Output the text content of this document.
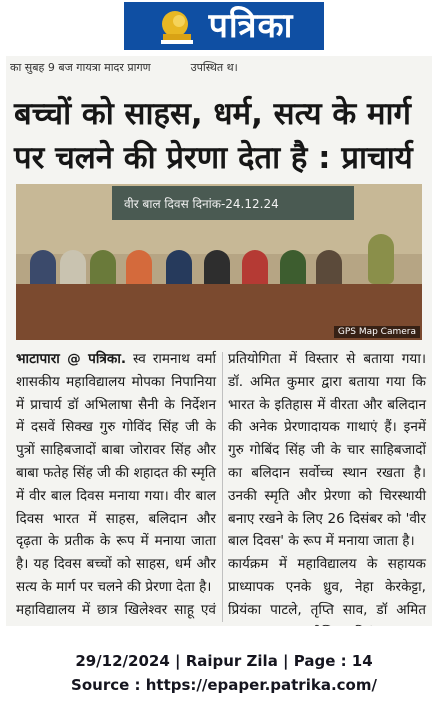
पत्रिका
का सुबह 9 बज गायत्रा मादर प्रागण	उपस्थित थ।
बच्चों को साहस, धर्म, सत्य के मार्ग पर चलने की प्रेरणा देता है : प्राचार्य
वीर बाल दिवस दिनांक-24.12.24
GPS Map Camera

भाटापारा @ पत्रिका. स्व रामनाथ वर्मा शासकीय महाविद्यालय मोपका निपानिया में प्राचार्य डॉ अभिलाषा सैनी के निर्देशन में दसवें सिक्ख गुरु गोविंद सिंह जी के पुत्रों साहिबजादों बाबा जोरावर सिंह और बाबा फतेह सिंह जी की शहादत की स्मृति में वीर बाल दिवस मनाया गया। वीर बाल दिवस भारत में साहस, बलिदान और दृढ़ता के प्रतीक के रूप में मनाया जाता है। यह दिवस बच्चों को साहस, धर्म और सत्य के मार्ग पर चलने की प्रेरणा देता है।

महाविद्यालय में छात्र खिलेश्वर साहू एवं

प्रतियोगिता में विस्तार से बताया गया। डॉ. अमित कुमार द्वारा बताया गया कि भारत के इतिहास में वीरता और बलिदान की अनेक प्रेरणादायक गाथाएं हैं। इनमें गुरु गोबिंद सिंह जी के चार साहिबजादों का बलिदान सर्वोच्च स्थान रखता है। उनकी स्मृति और प्रेरणा को चिरस्थायी बनाए रखने के लिए 26 दिसंबर को 'वीर बाल दिवस' के रूप में मनाया जाता है।

कार्यक्रम में महाविद्यालय के सहायक प्राध्यापक एनके ध्रुव, नेहा केरकेट्टा, प्रियंका पाटले, तृप्ति साव, डॉ अमित

29/12/2024 | Raipur Zila | Page : 14
Source : https://epaper.patrika.com/
